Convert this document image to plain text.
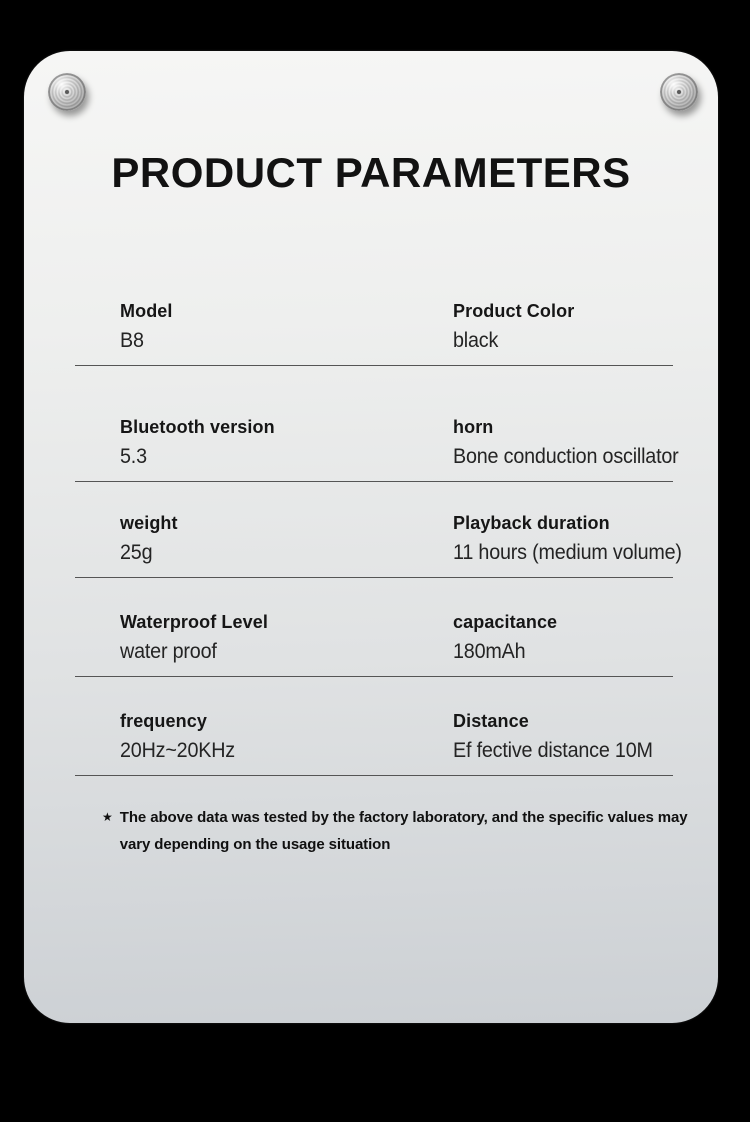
PRODUCT PARAMETERS
Model
B8
Product Color
black
Bluetooth version
5.3
horn
Bone conduction oscillator
weight
25g
Playback duration
11 hours (medium volume)
Waterproof Level
water proof
capacitance
180mAh
frequency
20Hz~20KHz
Distance
Ef fective distance 10M
★ The above data was tested by the factory laboratory, and the specific values may
vary depending on the usage situation
